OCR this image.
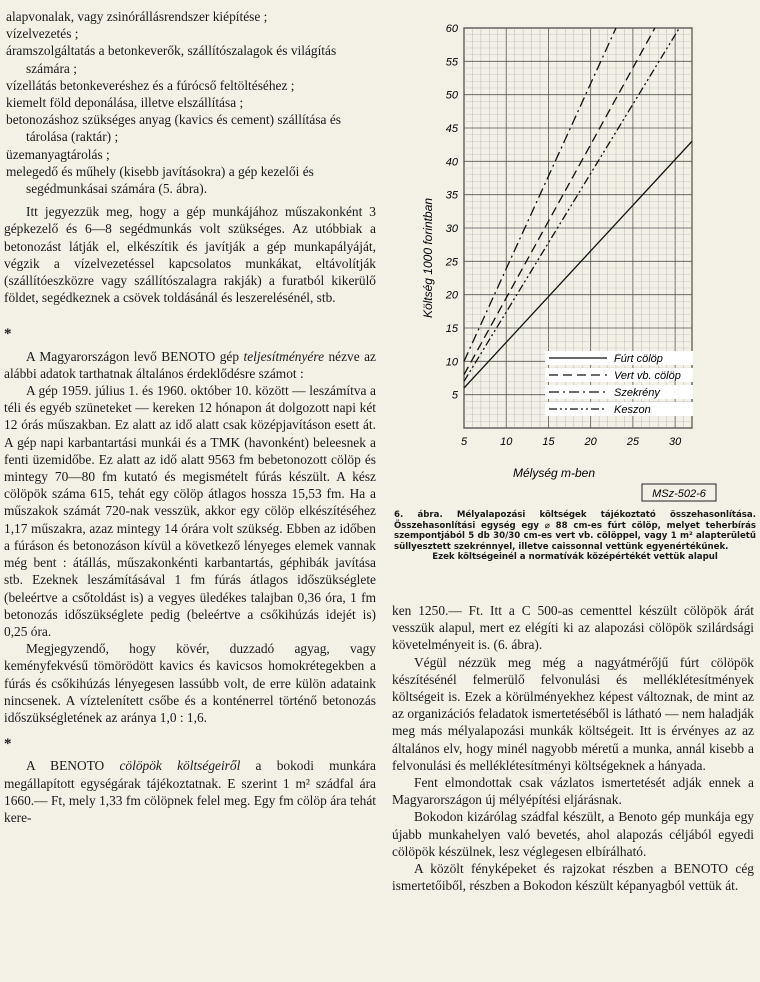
alapvonalak, vagy zsinórállásrendszer kiépítése ;

vízelvezetés ;

áramszolgáltatás a betonkeverők, szállítószalagok és világítás számára ;

vízellátás betonkeveréshez és a fúrócső feltöltéséhez ;

kiemelt föld deponálása, illetve elszállítása ;

betonozáshoz szükséges anyag (kavics és cement) szállítása és tárolása (raktár) ;

üzemanyagtárolás ;

melegedő és műhely (kisebb javításokra) a gép kezelői és segédmunkásai számára (5. ábra).

Itt jegyezzük meg, hogy a gép munkájához műszakonként 3 gépkezelő és 6—8 segédmunkás volt szükséges. Az utóbbiak a betonozást látják el, elkészítik és javítják a gép munkapályáját, végzik a vízelvezetéssel kapcsolatos munkákat, eltávolítják (szállítóeszközre vagy szállítószalagra rakják) a furatból kikerülő földet, segédkeznek a csövek toldásánál és leszerelésénél, stb.

*

A Magyarországon levő BENOTO gép teljesítményére nézve az alábbi adatok tarthatnak általános érdeklődésre számot :

A gép 1959. július 1. és 1960. október 10. között — leszámítva a téli és egyéb szüneteket — kereken 12 hónapon át dolgozott napi két 12 órás műszakban. Ez alatt az idő alatt csak középjavításon esett át. A gép napi karbantartási munkái és a TMK (havonként) beleesnek a fenti üzemidőbe. Ez alatt az idő alatt 9563 fm bebetonozott cölöp és mintegy 70—80 fm kutató és megismételt fúrás készült. A kész cölöpök száma 615, tehát egy cölöp átlagos hossza 15,53 fm. Ha a műszakok számát 720-nak vesszük, akkor egy cölöp elkészítéséhez 1,17 műszakra, azaz mintegy 14 órára volt szükség. Ebben az időben a fúráson és betonozáson kívül a következő lényeges elemek vannak még bent : átállás, műszakonkénti karbantartás, géphibák javítása stb. Ezeknek leszámításával 1 fm fúrás átlagos időszükséglete (beleértve a csőtoldást is) a vegyes üledékes talajban 0,36 óra, 1 fm betonozás időszükséglete pedig (beleértve a csőkihúzás idejét is) 0,25 óra.

Megjegyzendő, hogy kövér, duzzadó agyag, vagy keményfekvésű tömörödött kavics és kavicsos homokrétegekben a fúrás és csőkihúzás lényegesen lassúbb volt, de erre külön adataink nincsenek. A víztelenített csőbe és a konténerrel történő betonozás időszükségletének az aránya 1,0 : 1,6.

*

A BENOTO cölöpök költségeiről a bokodi munkára megállapított egységárak tájékoztatnak. E szerint 1 m² szádfal ára 1660.— Ft, mely 1,33 fm cölöpnek felel meg. Egy fm cölöp ára tehát kere-

5	10	15	20	25	30
5
10
15
20
25
30
35
40
45
50
55
60
Fúrt cölöp
Vert vb. cölöp
Szekrény
Keszon
Költség 1000 forintban
Mélység m-ben
MSz-502-6
6. ábra. Mélyalapozási költségek tájékoztató összehasonlítása. Összehasonlítási egység egy ⌀ 88 cm-es fúrt cölöp, melyet teherbírás szempontjából 5 db 30/30 cm-es vert vb. cölöppel, vagy 1 m² alapterületű süllyesztett szekrénnyel, illetve caissonnal vettünk egyenértékűnek.
Ezek költségeinél a normatívák középértékét vettük alapul

ken 1250.— Ft. Itt a C 500-as cementtel készült cölöpök árát vesszük alapul, mert ez elégíti ki az alapozási cölöpök szilárdsági követelményeit is. (6. ábra).

Végül nézzük meg még a nagyátmérőjű fúrt cölöpök készítésénél felmerülő felvonulási és melléklétesítmények költségeit is. Ezek a körülményekhez képest változnak, de mint az az organizációs feladatok ismertetéséből is látható — nem haladják meg más mélyalapozási munkák költségeit. Itt is érvényes az az általános elv, hogy minél nagyobb méretű a munka, annál kisebb a felvonulási és melléklétesítményi költségeknek a hányada.

Fent elmondottak csak vázlatos ismertetését adják ennek a Magyarországon új mélyépítési eljárásnak.

Bokodon kizárólag szádfal készült, a Benoto gép munkája egy újabb munkahelyen való bevetés, ahol alapozás céljából egyedi cölöpök készülnek, lesz véglegesen elbírálható.

A közölt fényképeket és rajzokat részben a BENOTO cég ismertetőiből, részben a Bokodon készült képanyagból vettük át.
